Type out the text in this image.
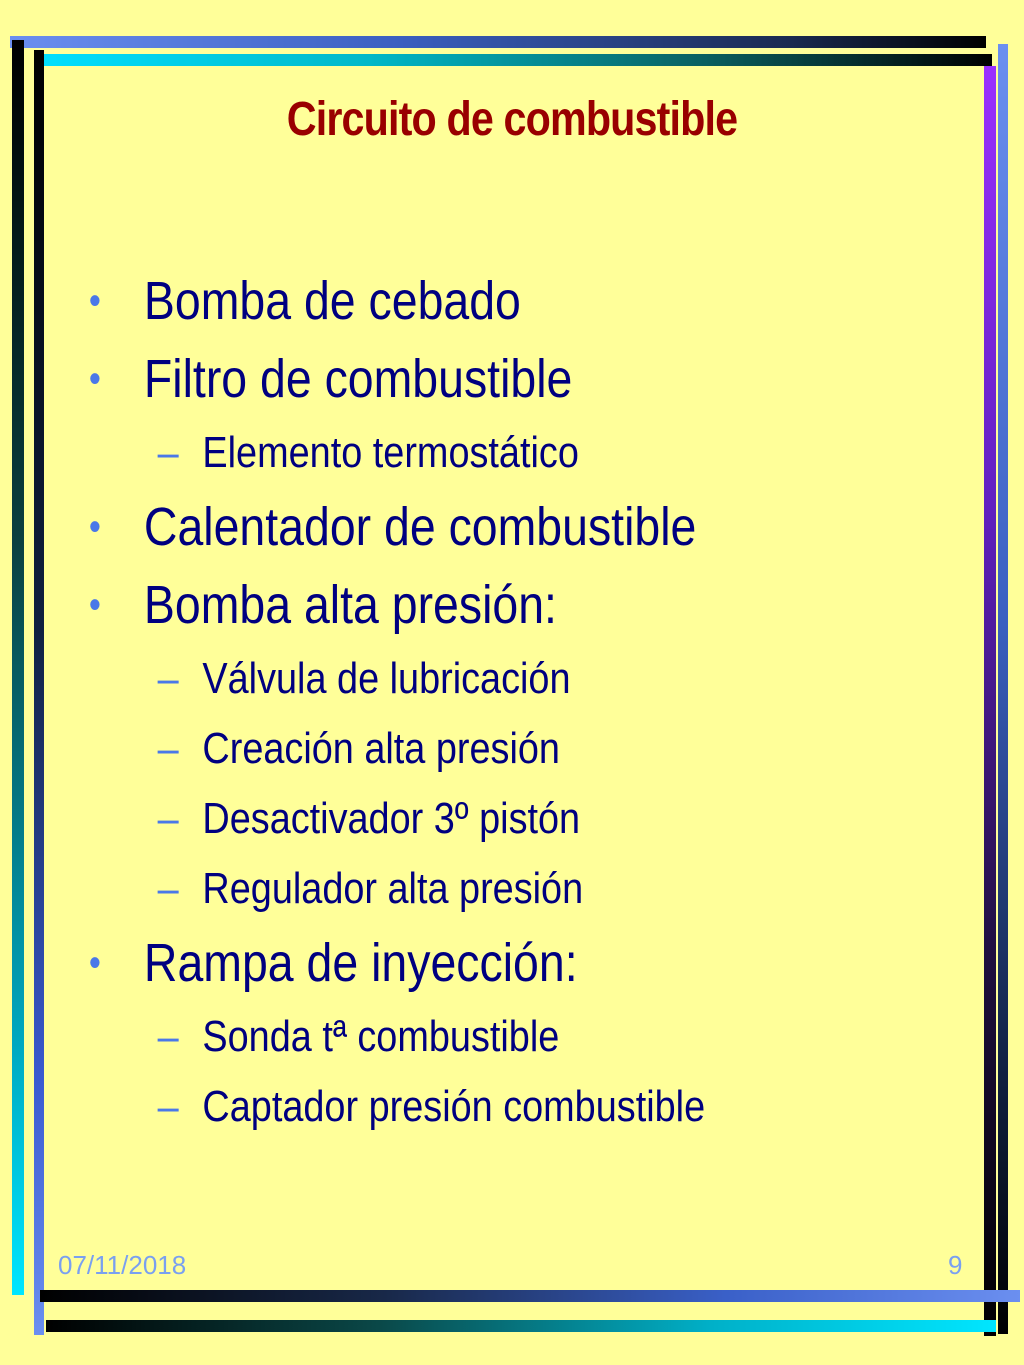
Circuito de combustible
• Bomba de cebado
• Filtro de combustible
– Elemento termostático
• Calentador de combustible
• Bomba alta presión:
– Válvula de lubricación
– Creación alta presión
– Desactivador 3º pistón
– Regulador alta presión
• Rampa de inyección:
– Sonda tª combustible
– Captador presión combustible
07/11/2018	9
